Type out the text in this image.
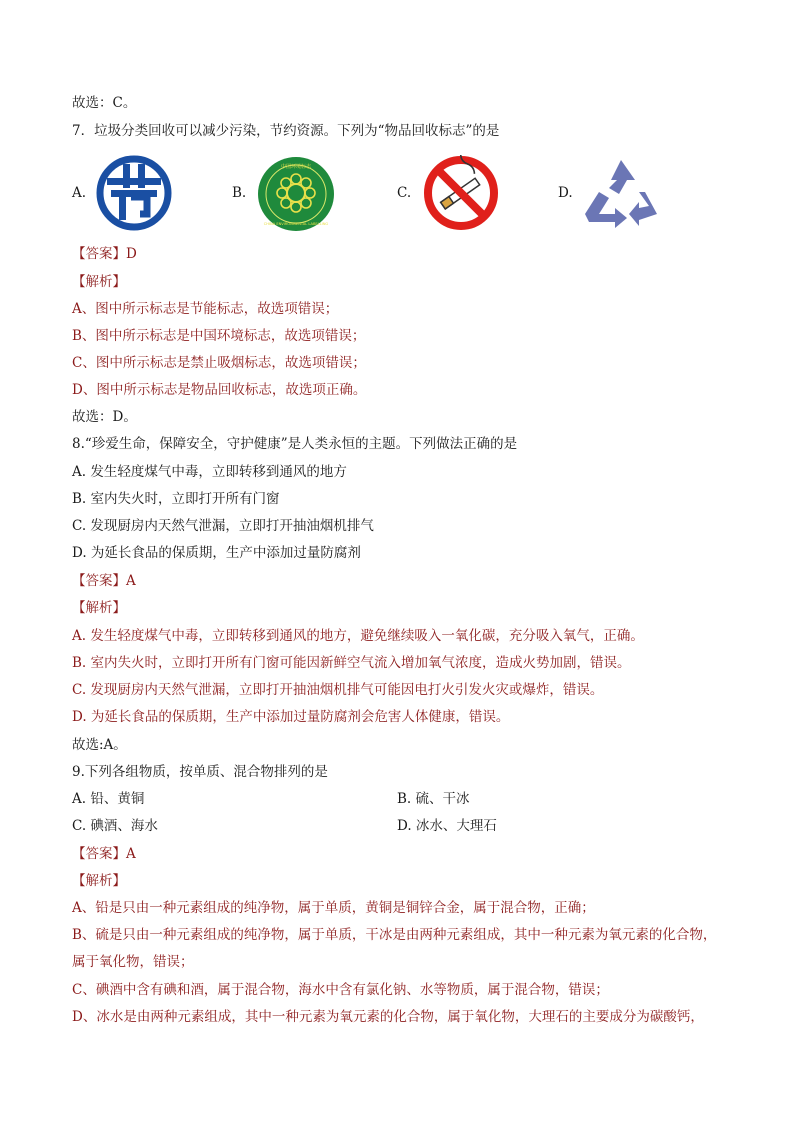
故选：C。
7．垃圾分类回收可以减少污染，节约资源。下列为“物品回收标志”的是
A.	B.
中国环境标志
CHINA ENVIRONMENTAL LABELLING
C.	D.
【答案】D
【解析】
A、图中所示标志是节能标志，故选项错误；
B、图中所示标志是中国环境标志，故选项错误；
C、图中所示标志是禁止吸烟标志，故选项错误；
D、图中所示标志是物品回收标志，故选项正确。
故选：D。
8.“珍爱生命，保障安全，守护健康”是人类永恒的主题。下列做法正确的是
A. 发生轻度煤气中毒，立即转移到通风的地方
B. 室内失火时，立即打开所有门窗
C. 发现厨房内天然气泄漏，立即打开抽油烟机排气
D. 为延长食品的保质期，生产中添加过量防腐剂
【答案】A
【解析】
A. 发生轻度煤气中毒，立即转移到通风的地方，避免继续吸入一氧化碳，充分吸入氧气，正确。
B. 室内失火时，立即打开所有门窗可能因新鲜空气流入增加氧气浓度，造成火势加剧，错误。
C. 发现厨房内天然气泄漏，立即打开抽油烟机排气可能因电打火引发火灾或爆炸，错误。
D. 为延长食品的保质期，生产中添加过量防腐剂会危害人体健康，错误。
故选:A。
9.下列各组物质，按单质、混合物排列的是
A. 铅、黄铜	B. 硫、干冰
C. 碘酒、海水	D. 冰水、大理石
【答案】A
【解析】
A、铅是只由一种元素组成的纯净物，属于单质，黄铜是铜锌合金，属于混合物，正确；
B、硫是只由一种元素组成的纯净物，属于单质，干冰是由两种元素组成，其中一种元素为氧元素的化合物，
属于氧化物，错误；
C、碘酒中含有碘和酒，属于混合物，海水中含有氯化钠、水等物质，属于混合物，错误；
D、冰水是由两种元素组成，其中一种元素为氧元素的化合物，属于氧化物，大理石的主要成分为碳酸钙，
